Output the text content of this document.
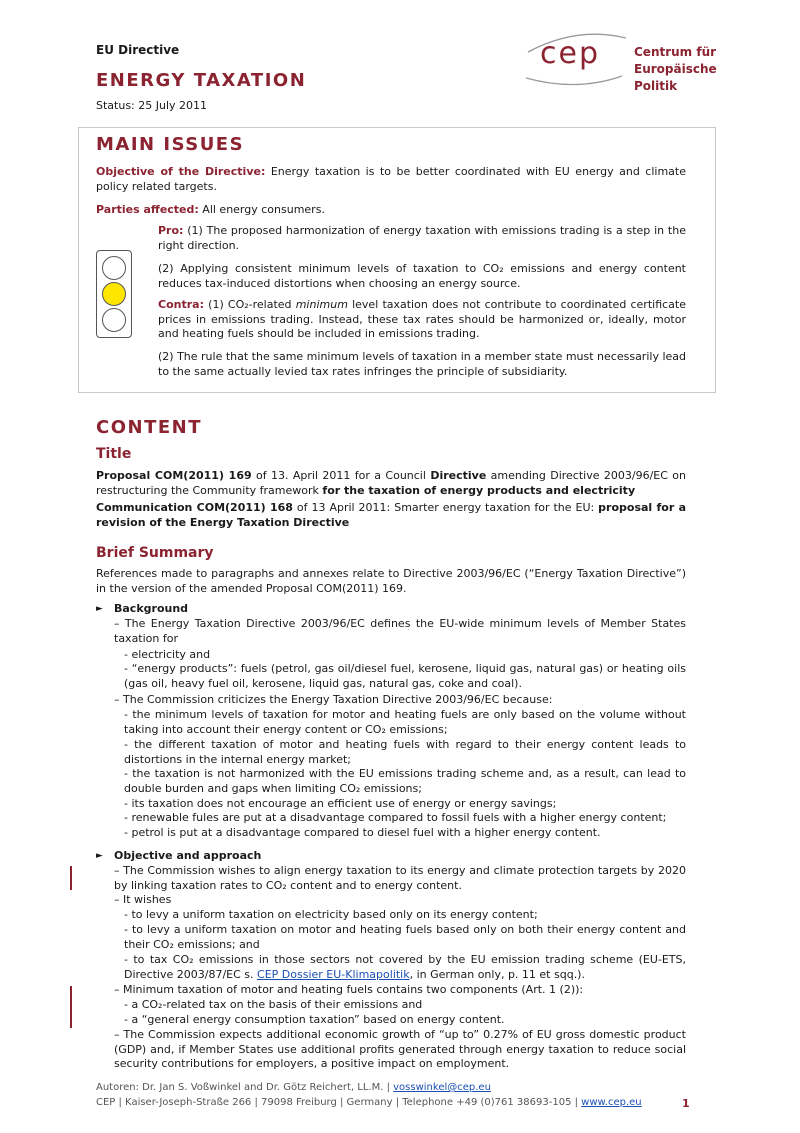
EU Directive
ENERGY TAXATION
Status: 25 July 2011
cep	Centrum für
Europäische Politik
MAIN ISSUES
Objective of the Directive: Energy taxation is to be better coordinated with EU energy and climate policy related targets.
Parties affected: All energy consumers.
Pro: (1) The proposed harmonization of energy taxation with emissions trading is a step in the right direction.
(2) Applying consistent minimum levels of taxation to CO₂ emissions and energy content reduces tax-induced distortions when choosing an energy source.
Contra: (1) CO₂-related minimum level taxation does not contribute to coordinated certificate prices in emissions trading. Instead, these tax rates should be harmonized or, ideally, motor and heating fuels should be included in emissions trading.
(2) The rule that the same minimum levels of taxation in a member state must necessarily lead to the same actually levied tax rates infringes the principle of subsidiarity.
CONTENT
Title
Proposal COM(2011) 169 of 13. April 2011 for a Council Directive amending Directive 2003/96/EC on restructuring the Community framework for the taxation of energy products and electricity
Communication COM(2011) 168 of 13 April 2011: Smarter energy taxation for the EU: proposal for a revision of the Energy Taxation Directive
Brief Summary
References made to paragraphs and annexes relate to Directive 2003/96/EC (“Energy Taxation Directive”) in the version of the amended Proposal COM(2011) 169.
► Background
– The Energy Taxation Directive 2003/96/EC defines the EU-wide minimum levels of Member States taxation for
- electricity and
- “energy products”: fuels (petrol, gas oil/diesel fuel, kerosene, liquid gas, natural gas) or heating oils (gas oil, heavy fuel oil, kerosene, liquid gas, natural gas, coke and coal).
– The Commission criticizes the Energy Taxation Directive 2003/96/EC because:
- the minimum levels of taxation for motor and heating fuels are only based on the volume without taking into account their energy content or CO₂ emissions;
- the different taxation of motor and heating fuels with regard to their energy content leads to distortions in the internal energy market;
- the taxation is not harmonized with the EU emissions trading scheme and, as a result, can lead to double burden and gaps when limiting CO₂ emissions;
- its taxation does not encourage an efficient use of energy or energy savings;
- renewable fules are put at a disadvantage compared to fossil fuels with a higher energy content;
- petrol is put at a disadvantage compared to diesel fuel with a higher energy content.
► Objective and approach
– The Commission wishes to align energy taxation to its energy and climate protection targets by 2020 by linking taxation rates to CO₂ content and to energy content.
– It wishes
- to levy a uniform taxation on electricity based only on its energy content;
- to levy a uniform taxation on motor and heating fuels based only on both their energy content and their CO₂ emissions; and
- to tax CO₂ emissions in those sectors not covered by the EU emission trading scheme (EU-ETS, Directive 2003/87/EC s. CEP Dossier EU-Klimapolitik, in German only, p. 11 et sqq.).
– Minimum taxation of motor and heating fuels contains two components (Art. 1 (2)):
- a CO₂-related tax on the basis of their emissions and
- a “general energy consumption taxation” based on energy content.
– The Commission expects additional economic growth of “up to” 0.27% of EU gross domestic product (GDP) and, if Member States use additional profits generated through energy taxation to reduce social security contributions for employers, a positive impact on employment.
Autoren: Dr. Jan S. Voßwinkel and Dr. Götz Reichert, LL.M. | vosswinkel@cep.eu
CEP | Kaiser-Joseph-Straße 266 | 79098 Freiburg | Germany | Telephone +49 (0)761 38693-105 | www.cep.eu	1
